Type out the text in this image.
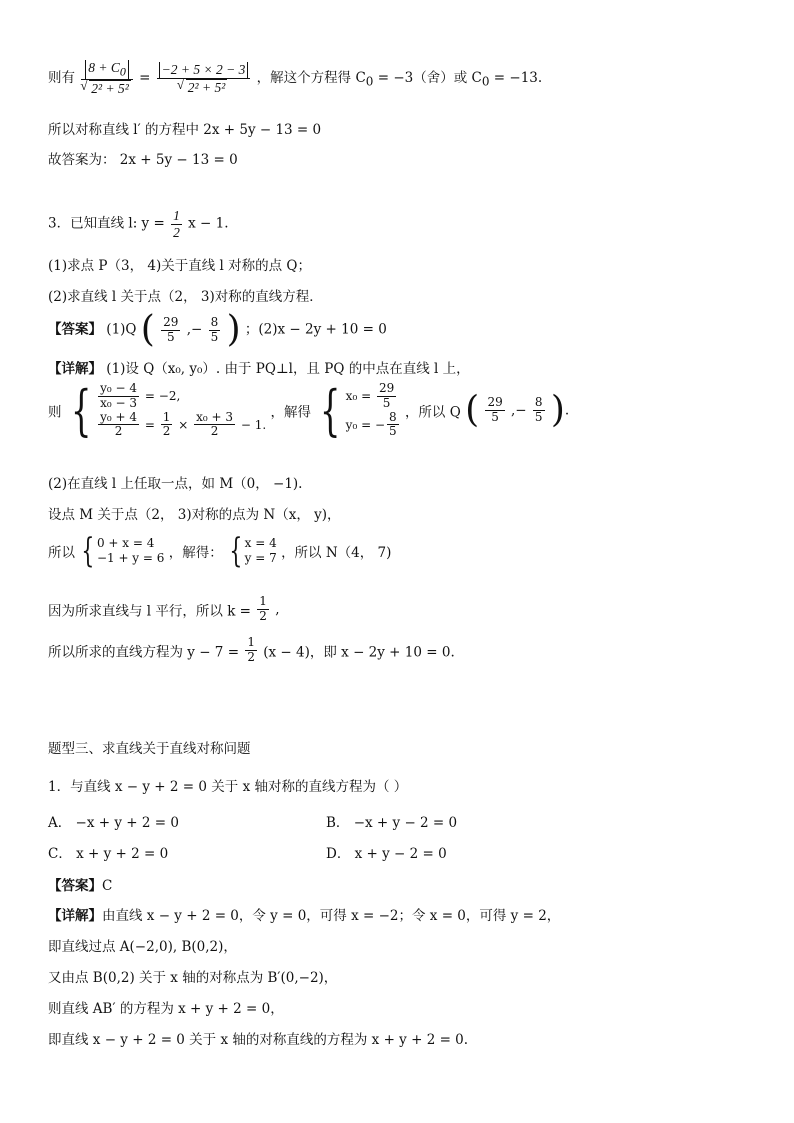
则有 $8 + C_0$
√ 2² + 5² = −2 + 5 × 2 − 3
√ 2² + 5² ，解这个方程得 $C_0 = -3$（舍）或 $C_0 = -13$.
所以对称直线 l′ 的方程中 2x + 5y − 13 = 0
故答案为： 2x + 5y − 13 = 0
3．已知直线 l: $y = \frac{1}{2}$ x − 1.
(1)求点 P（3， 4)关于直线 l 对称的点 Q；
(2)求直线 l 关于点（2， 3)对称的直线方程．
【答案】 (1)Q ( $\frac{29}{5}$ ,− $\frac{8}{5}$ ) ；(2)x − 2y + 10 = 0
【详解】 (1)设 Q（x₀, y₀）. 由于 PQ⊥l，且 PQ 的中点在直线 l 上，
则 { $\frac{\text{y₀ − 4}}{\text{x₀ − 3}} = -2$,
$\frac{\text{y₀ + 4}}{2} = \frac{1}{2} \times \frac{\text{x₀ + 3}}{2} - 1$.
，解得 { $x_0 = \frac{29}{5}$
y₀ = − $\frac{8}{5}$ ，所以 Q ( $\frac{29}{5}$ ,− $\frac{8}{5}$ ).
(2)在直线 l 上任取一点，如 M（0， −1).
设点 M 关于点（2， 3)对称的点为 N（x， y)，
所以 { 0 + x = 4
−1 + y = 6 ，解得： { x = 4
y = 7 ，所以 N（4， 7)
因为所求直线与 l 平行，所以 $k = \frac{1}{2}$ ,
所以所求的直线方程为 $y - 7 = \frac{1}{2} (x - 4)$，即 x − 2y + 10 = 0.
题型三、求直线关于直线对称问题
1．与直线 x − y + 2 = 0 关于 x 轴对称的直线方程为（ ）
A． −x + y + 2 = 0	B． −x + y − 2 = 0
C． x + y + 2 = 0	D． x + y − 2 = 0
【答案】C
【详解】由直线 x − y + 2 = 0，令 y = 0，可得 x = −2；令 x = 0，可得 y = 2，
即直线过点 A(−2,0), B(0,2)，
又由点 B(0,2) 关于 x 轴的对称点为 B′(0,−2)，
则直线 AB′ 的方程为 x + y + 2 = 0，
即直线 x − y + 2 = 0 关于 x 轴的对称直线的方程为 x + y + 2 = 0.
